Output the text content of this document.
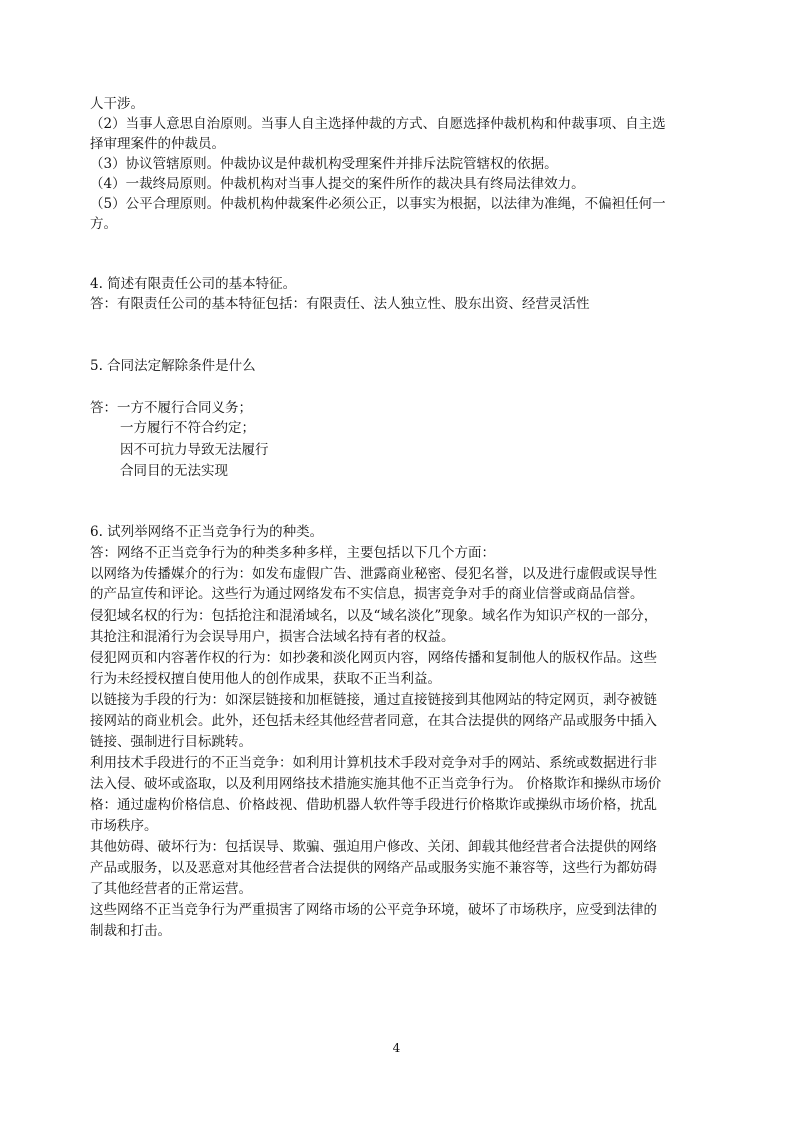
人干涉。
（2）当事人意思自治原则。当事人自主选择仲裁的方式、自愿选择仲裁机构和仲裁事项、自主选
择审理案件的仲裁员。
（3）协议管辖原则。仲裁协议是仲裁机构受理案件并排斥法院管辖权的依据。
（4）一裁终局原则。仲裁机构对当事人提交的案件所作的裁决具有终局法律效力。
（5）公平合理原则。仲裁机构仲裁案件必须公正，以事实为根据，以法律为准绳，不偏袒任何一
方。
4. 简述有限责任公司的基本特征。
答：有限责任公司的基本特征包括：有限责任、法人独立性、股东出资、经营灵活性
5. 合同法定解除条件是什么
答：一方不履行合同义务；
一方履行不符合约定；
因不可抗力导致无法履行
合同目的无法实现
6. 试列举网络不正当竞争行为的种类。
答：网络不正当竞争行为的种类多种多样，主要包括以下几个方面：
以网络为传播媒介的行为：如发布虚假广告、泄露商业秘密、侵犯名誉，以及进行虚假或误导性
的产品宣传和评论。这些行为通过网络发布不实信息，损害竞争对手的商业信誉或商品信誉。
侵犯域名权的行为：包括抢注和混淆域名，以及“域名淡化”现象。域名作为知识产权的一部分，
其抢注和混淆行为会误导用户，损害合法域名持有者的权益。
侵犯网页和内容著作权的行为：如抄袭和淡化网页内容，网络传播和复制他人的版权作品。这些
行为未经授权擅自使用他人的创作成果，获取不正当利益。
以链接为手段的行为：如深层链接和加框链接，通过直接链接到其他网站的特定网页，剥夺被链
接网站的商业机会。此外，还包括未经其他经营者同意，在其合法提供的网络产品或服务中插入
链接、强制进行目标跳转。
利用技术手段进行的不正当竞争：如利用计算机技术手段对竞争对手的网站、系统或数据进行非
法入侵、破坏或盗取，以及利用网络技术措施实施其他不正当竞争行为。 价格欺诈和操纵市场价
格：通过虚构价格信息、价格歧视、借助机器人软件等手段进行价格欺诈或操纵市场价格，扰乱
市场秩序。
其他妨碍、破坏行为：包括误导、欺骗、强迫用户修改、关闭、卸载其他经营者合法提供的网络
产品或服务，以及恶意对其他经营者合法提供的网络产品或服务实施不兼容等，这些行为都妨碍
了其他经营者的正常运营。
这些网络不正当竞争行为严重损害了网络市场的公平竞争环境，破坏了市场秩序，应受到法律的
制裁和打击。
4
